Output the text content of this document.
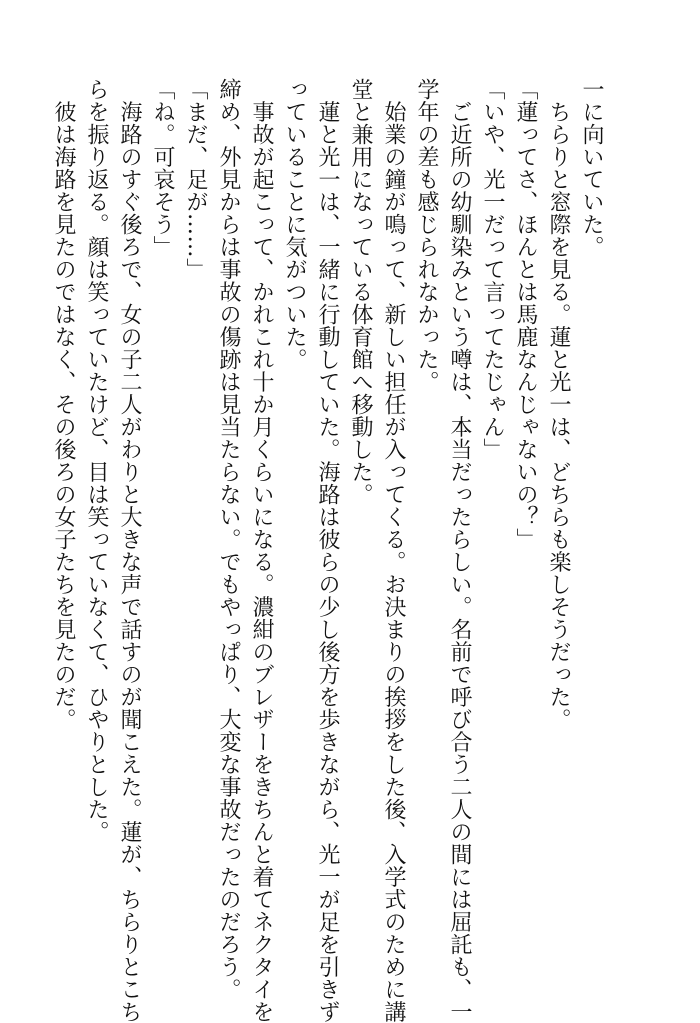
一に向いていた。
　ちらりと窓際を見る。蓮と光一は、どちらも楽しそうだった。
「蓮ってさ、ほんとは馬鹿なんじゃないの？」
「いや、光一だって言ってたじゃん」
　ご近所の幼馴染みという噂は、本当だったらしい。名前で呼び合う二人の間には屈託も、一
学年の差も感じられなかった。
　始業の鐘が鳴って、新しい担任が入ってくる。お決まりの挨拶をした後、入学式のために講
堂と兼用になっている体育館へ移動した。
　蓮と光一は、一緒に行動していた。海路は彼らの少し後方を歩きながら、光一が足を引きず
っていることに気がついた。
　事故が起こって、かれこれ十か月くらいになる。濃紺のブレザーをきちんと着てネクタイを
締め、外見からは事故の傷跡は見当たらない。でもやっぱり、大変な事故だったのだろう。
「まだ、足が……」
「ね。可哀そう」
　海路のすぐ後ろで、女の子二人がわりと大きな声で話すのが聞こえた。蓮が、ちらりとこち
らを振り返る。顔は笑っていたけど、目は笑っていなくて、ひやりとした。
　彼は海路を見たのではなく、その後ろの女子たちを見たのだ。
